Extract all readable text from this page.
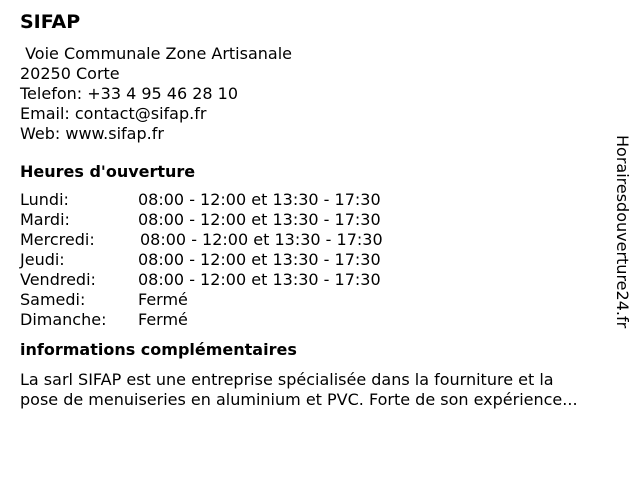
SIFAP
Voie Communale Zone Artisanale
20250 Corte
Telefon: +33 4 95 46 28 10
Email: contact@sifap.fr
Web: www.sifap.fr
Heures d'ouverture
Lundi:	08:00 - 12:00 et 13:30 - 17:30
Mardi:	08:00 - 12:00 et 13:30 - 17:30
Mercredi:	08:00 - 12:00 et 13:30 - 17:30
Jeudi:	08:00 - 12:00 et 13:30 - 17:30
Vendredi:	08:00 - 12:00 et 13:30 - 17:30
Samedi:	Fermé
Dimanche: Fermé
informations complémentaires
La sarl SIFAP est une entreprise spécialisée dans la fourniture et la
pose de menuiseries en aluminium et PVC. Forte de son expérience...
Horairesdouverture24.fr
